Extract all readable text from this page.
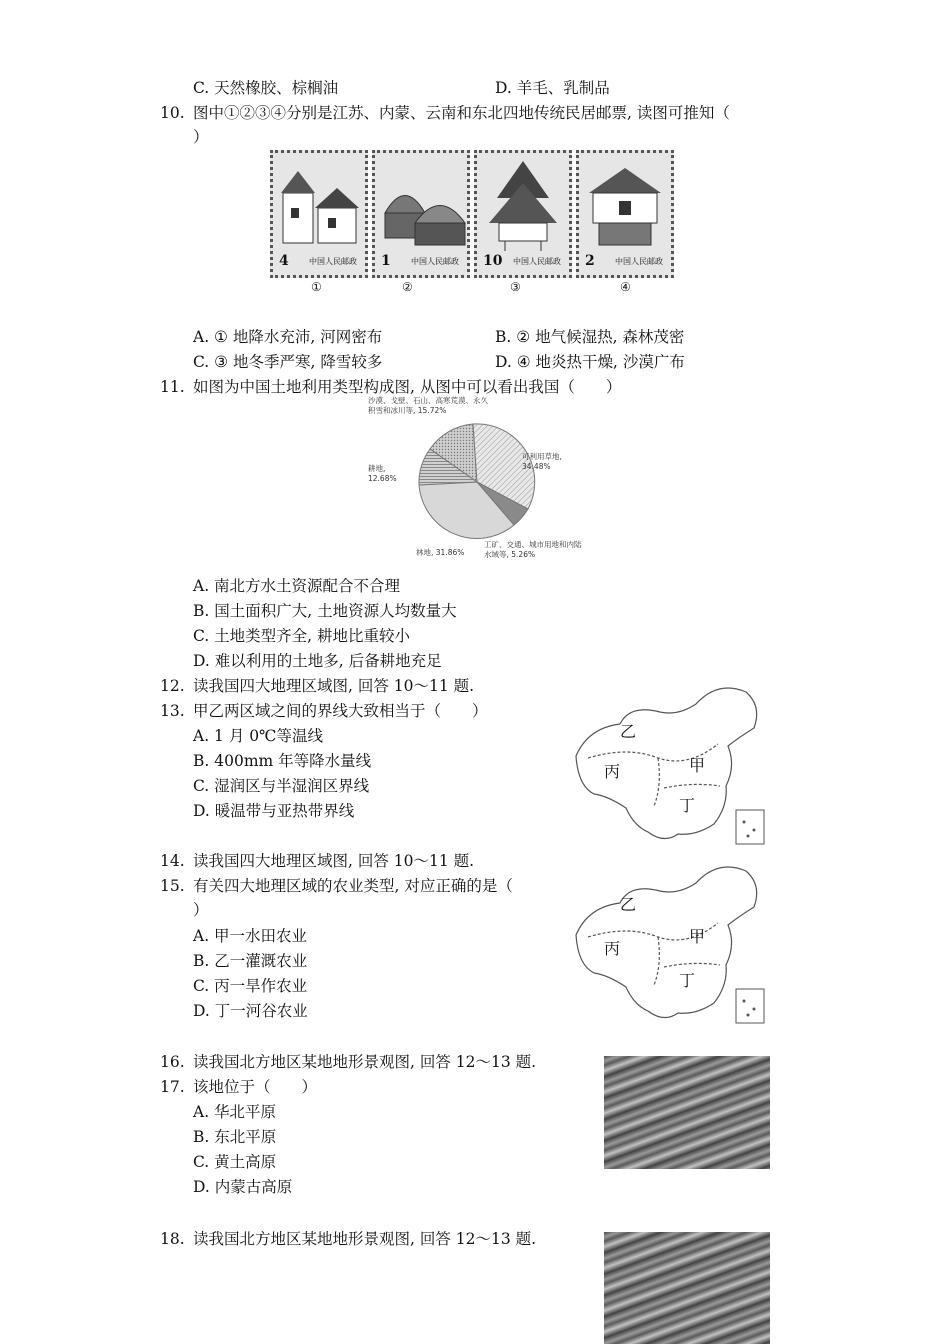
C. 天然橡胶、棕榈油	D. 羊毛、乳制品
10. 图中①②③④分别是江苏、内蒙、云南和东北四地传统民居邮票, 读图可推知（
）
4	中国人民邮政 1	中国人民邮政 10 中国人民邮政 2	中国人民邮政
①	②	③	④
A. ① 地降水充沛, 河网密布	B. ② 地气候湿热, 森林茂密
C. ③ 地冬季严寒, 降雪较多	D. ④ 地炎热干燥, 沙漠广布
11. 如图为中国土地利用类型构成图, 从图中可以看出我国（　　）
沙漠、戈壁、石山、高寒荒漠、永久积雪和冰川等, 15.72%
可利用草地, 34.48%
工矿、交通、城市用地和内陆水域等, 5.26%
林地, 31.86%
耕地, 12.68%
A. 南北方水土资源配合不合理
B. 国土面积广大, 土地资源人均数量大
C. 土地类型齐全, 耕地比重较小
D. 难以利用的土地多, 后备耕地充足
12. 读我国四大地理区域图, 回答 10～11 题.
13. 甲乙两区域之间的界线大致相当于（　　）
A. 1 月 0℃等温线
B. 400mm 年等降水量线
C. 湿润区与半湿润区界线
D. 暖温带与亚热带界线
乙
甲
丙
丁
14. 读我国四大地理区域图, 回答 10～11 题.
15. 有关四大地理区域的农业类型, 对应正确的是（
）
A. 甲一水田农业
B. 乙一灌溉农业
C. 丙一旱作农业
D. 丁一河谷农业
乙
甲
丙
丁
16. 读我国北方地区某地地形景观图, 回答 12～13 题.
17. 该地位于（　　）
A. 华北平原
B. 东北平原
C. 黄土高原
D. 内蒙古高原
18. 读我国北方地区某地地形景观图, 回答 12～13 题.
